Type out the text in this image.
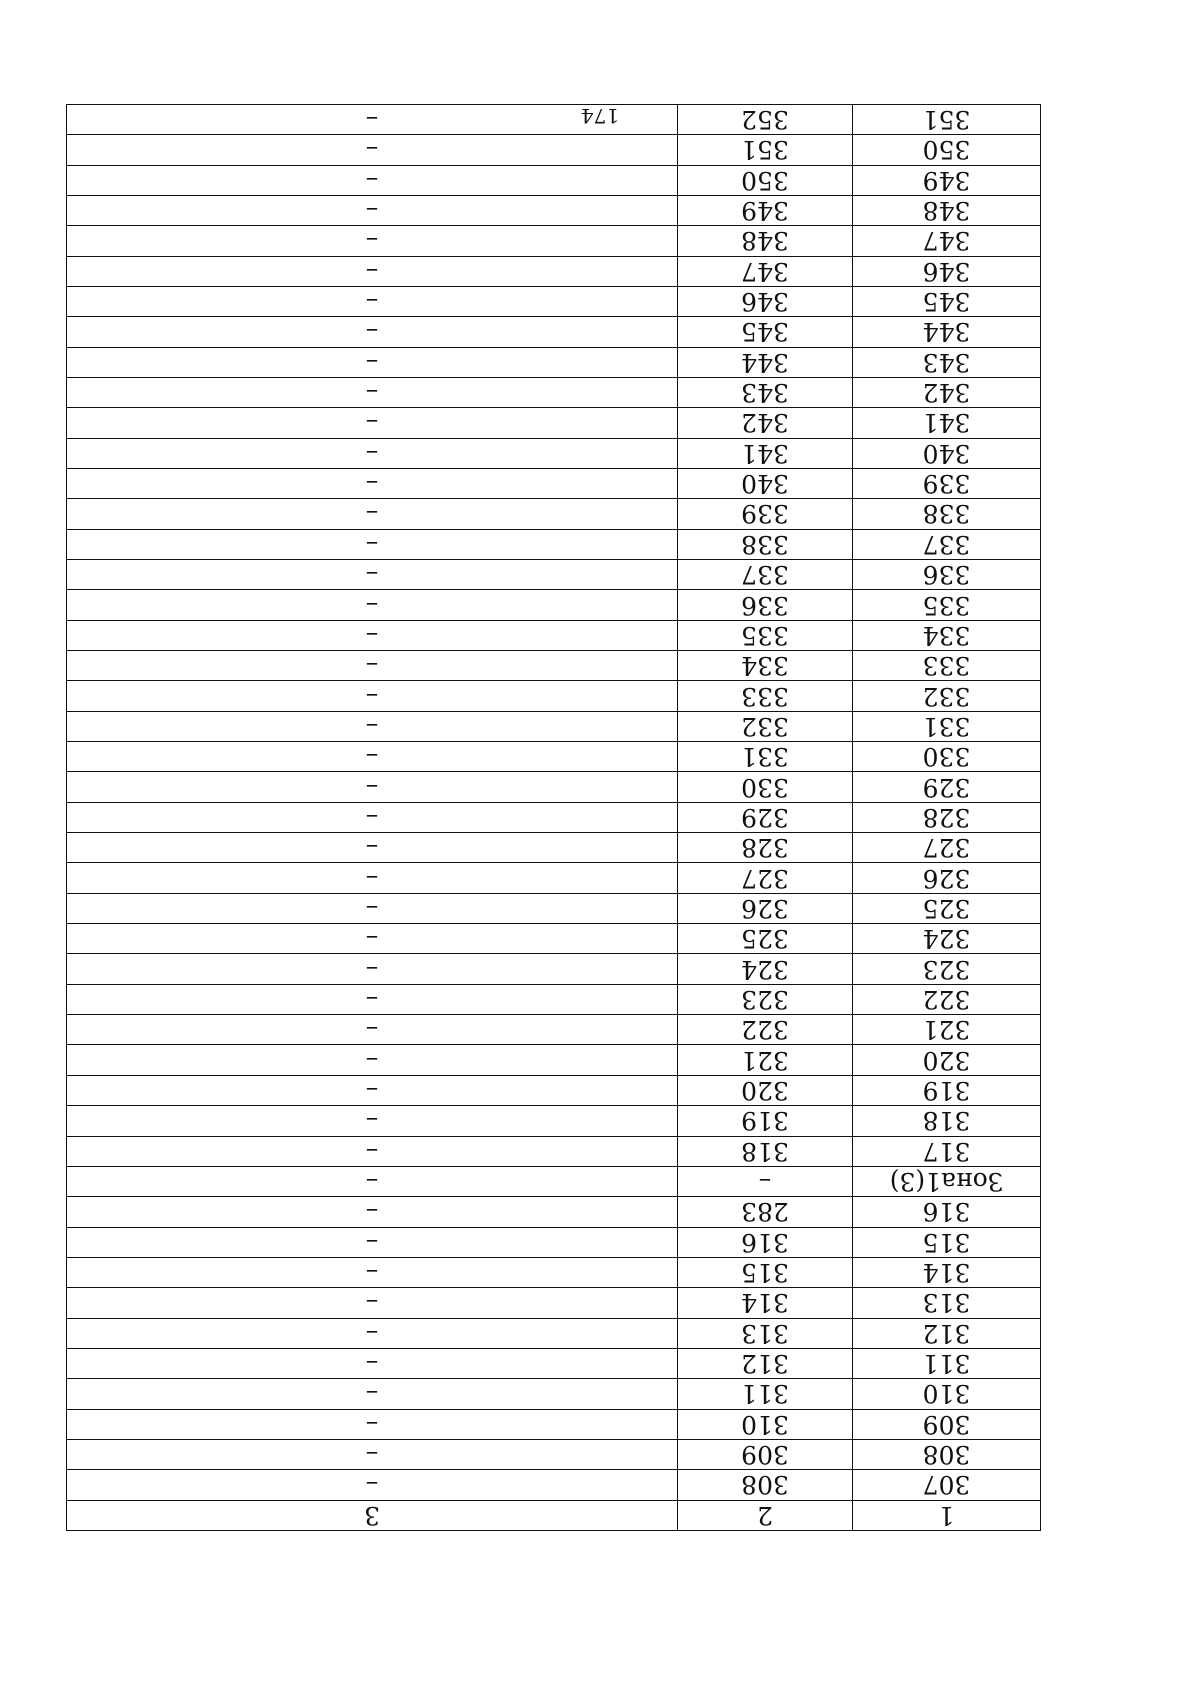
1
2
3
307
308
–
308
309
–
309
310
–
310
311
–
311
312
–
312
313
–
313
314
–
314
315
–
315
316
–
316
283
–
Зона1(3)
–
–
317
318
–
318
319
–
319
320
–
320
321
–
321
322
–
322
323
–
323
324
–
324
325
–
325
326
–
326
327
–
327
328
–
328
329
–
329
330
–
330
331
–
331
332
–
332
333
–
333
334
–
334
335
–
335
336
–
336
337
–
337
338
–
338
339
–
339
340
–
340
341
–
341
342
–
342
343
–
343
344
–
344
345
–
345
346
–
346
347
–
347
348
–
348
349
–
349
350
–
350
351
–
351
352
–	174
